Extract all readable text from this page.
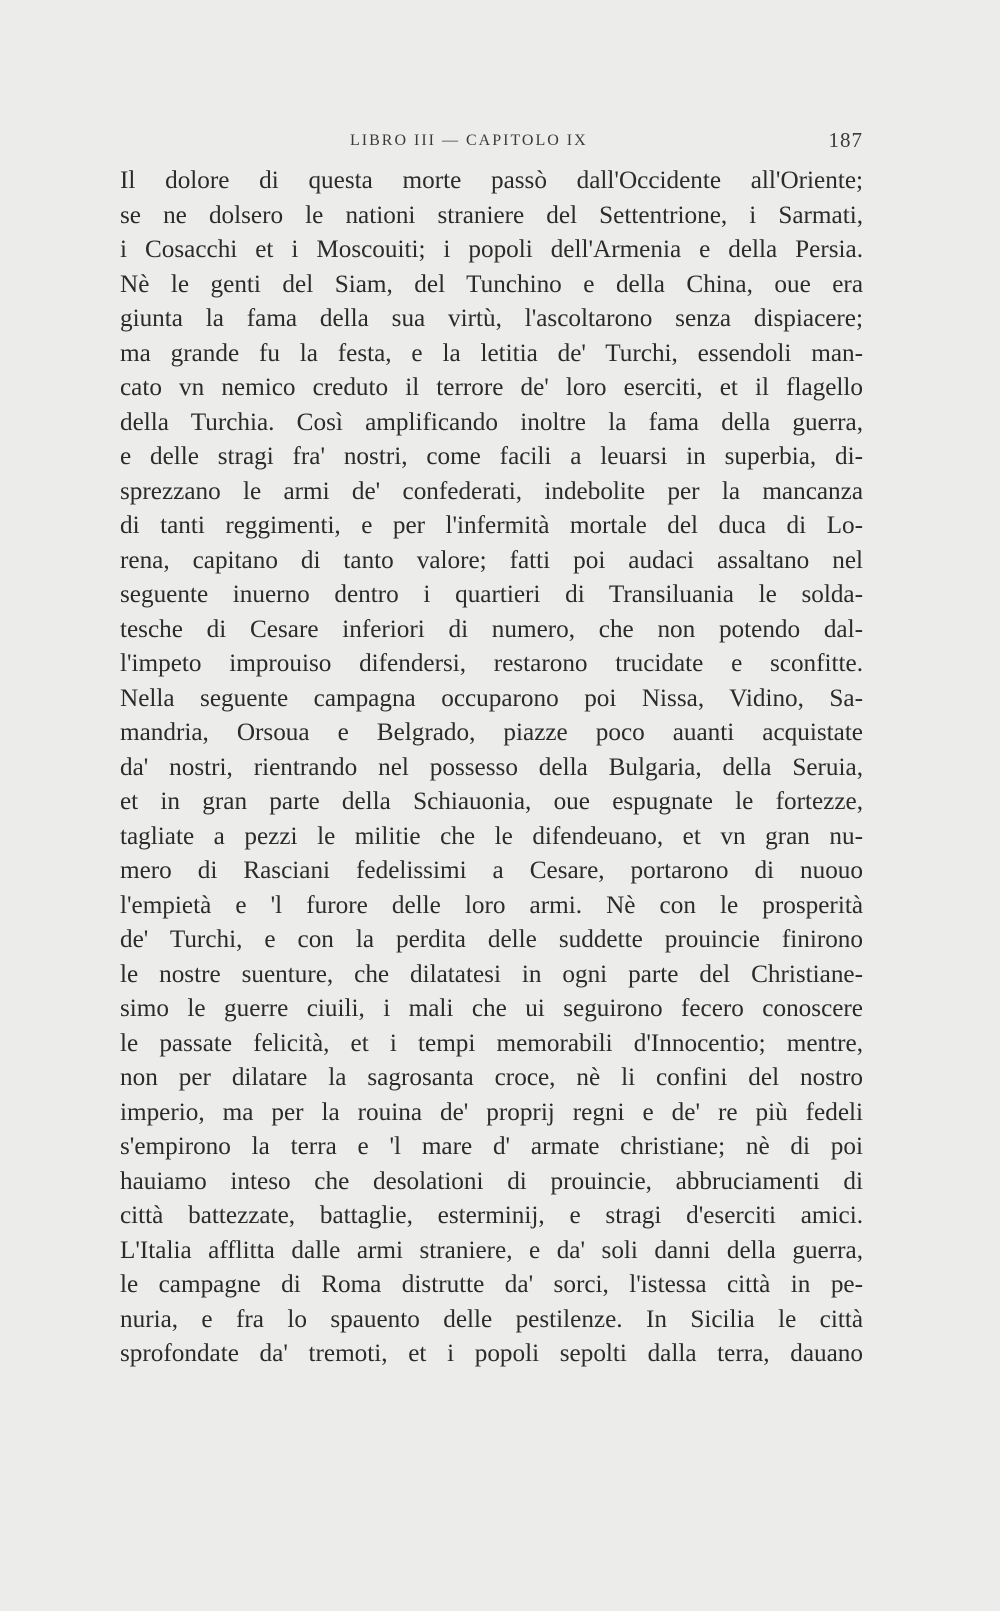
LIBRO III — CAPITOLO IX	187
Il dolore di questa morte passò dall'Occidente all'Oriente;
se ne dolsero le nationi straniere del Settentrione, i Sarmati,
i Cosacchi et i Moscouiti; i popoli dell'Armenia e della Persia.
Nè le genti del Siam, del Tunchino e della China, oue era
giunta la fama della sua virtù, l'ascoltarono senza dispiacere;
ma grande fu la festa, e la letitia de' Turchi, essendoli man-
cato vn nemico creduto il terrore de' loro eserciti, et il flagello
della Turchia. Così amplificando inoltre la fama della guerra,
e delle stragi fra' nostri, come facili a leuarsi in superbia, di-
sprezzano le armi de' confederati, indebolite per la mancanza
di tanti reggimenti, e per l'infermità mortale del duca di Lo-
rena, capitano di tanto valore; fatti poi audaci assaltano nel
seguente inuerno dentro i quartieri di Transiluania le solda-
tesche di Cesare inferiori di numero, che non potendo dal-
l'impeto improuiso difendersi, restarono trucidate e sconfitte.
Nella seguente campagna occuparono poi Nissa, Vidino, Sa-
mandria, Orsoua e Belgrado, piazze poco auanti acquistate
da' nostri, rientrando nel possesso della Bulgaria, della Seruia,
et in gran parte della Schiauonia, oue espugnate le fortezze,
tagliate a pezzi le militie che le difendeuano, et vn gran nu-
mero di Rasciani fedelissimi a Cesare, portarono di nuouo
l'empietà e 'l furore delle loro armi. Nè con le prosperità
de' Turchi, e con la perdita delle suddette prouincie finirono
le nostre suenture, che dilatatesi in ogni parte del Christiane-
simo le guerre ciuili, i mali che ui seguirono fecero conoscere
le passate felicità, et i tempi memorabili d'Innocentio; mentre,
non per dilatare la sagrosanta croce, nè li confini del nostro
imperio, ma per la rouina de' proprij regni e de' re più fedeli
s'empirono la terra e 'l mare d' armate christiane; nè di poi
hauiamo inteso che desolationi di prouincie, abbruciamenti di
città battezzate, battaglie, esterminij, e stragi d'eserciti amici.
L'Italia afflitta dalle armi straniere, e da' soli danni della guerra,
le campagne di Roma distrutte da' sorci, l'istessa città in pe-
nuria, e fra lo spauento delle pestilenze. In Sicilia le città
sprofondate da' tremoti, et i popoli sepolti dalla terra, dauano
